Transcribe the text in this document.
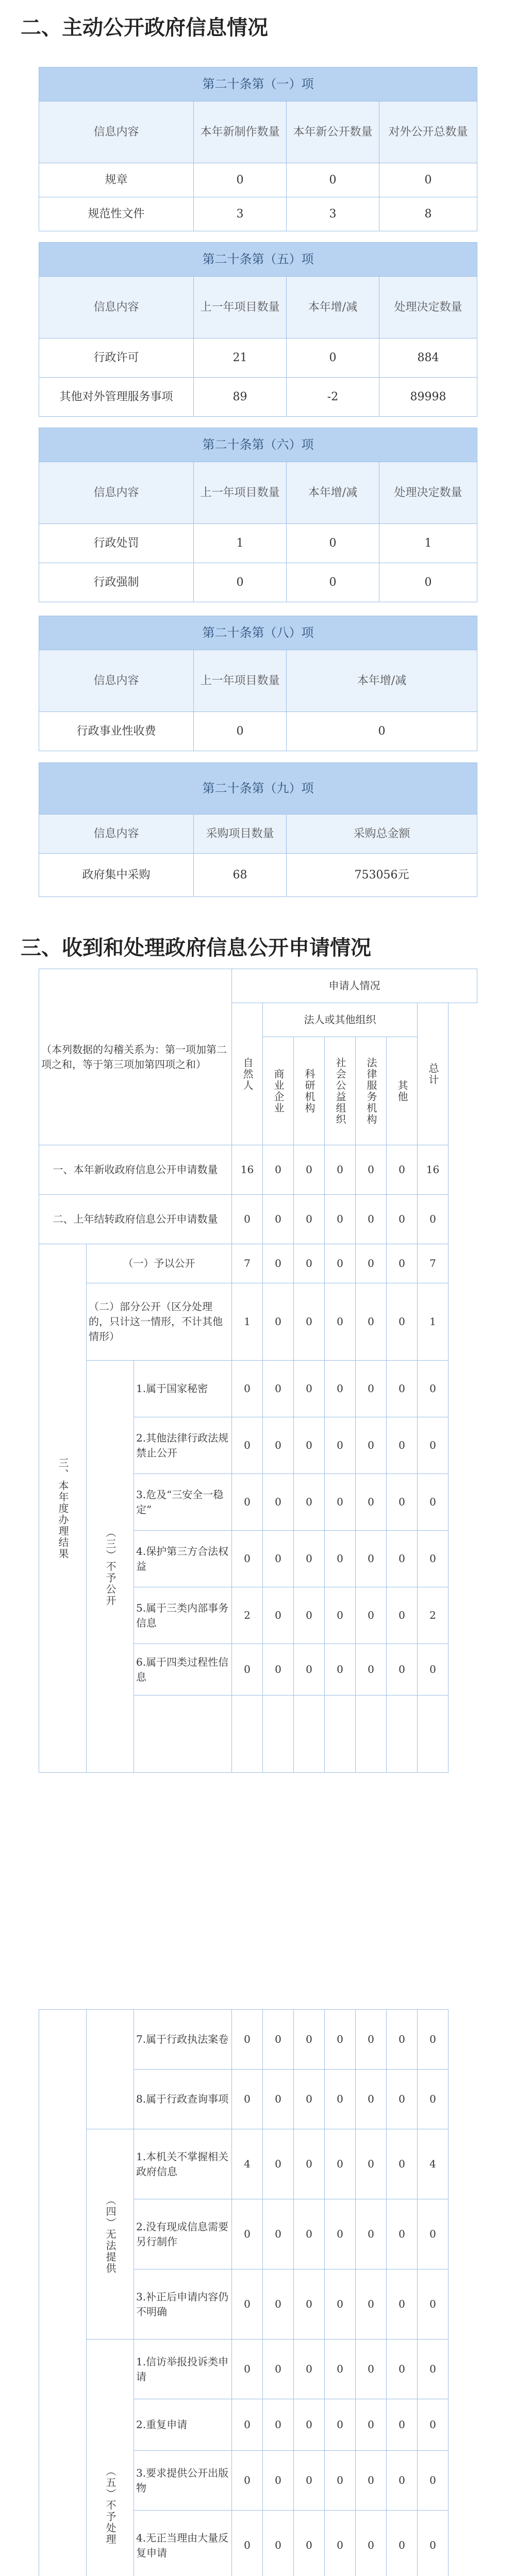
二、主动公开政府信息情况
第二十条第（一）项			
信息内容	本年新制作数量	本年新公开数量	对外公开总数量
规章	0	0	0
规范性文件	3	3	8
第二十条第（五）项			
信息内容	上一年项目数量	本年增/减	处理决定数量
行政许可	21	0	884
其他对外管理服务事项	89	-2	89998
第二十条第（六）项			
信息内容	上一年项目数量	本年增/减	处理决定数量
行政处罚	1	0	1
行政强制	0	0	0
第二十条第（八）项		
信息内容	上一年项目数量	本年增/减
行政事业性收费	0	0
第二十条第（九）项		
信息内容	采购项目数量	采购总金额
政府集中采购	68	753056元
三、收到和处理政府信息公开申请情况
（本列数据的勾稽关系为：第一项加第二项之和，等于第三项加第四项之和）			申请人情况						

			自然人	法人或其他组织					总计

				商业企业	科研机构	社会公益组织	法律服务机构	其他	

一、本年新收政府信息公开申请数量			16	0	0	0	0	0	16
二、上年结转政府信息公开申请数量			0	0	0	0	0	0	0

三、本年度办理结果	（一）予以公开		7	0	0	0	0	0	7
	（二）部分公开（区分处理的，只计这一情形，不计其他情形）		1	0	0	0	0	0	1

	（三）不予公开	1.属于国家秘密	0	0	0	0	0	0	0
		2.其他法律行政法规禁止公开	0	0	0	0	0	0	0
		3.危及“三安全一稳定”	0	0	0	0	0	0	0
		4.保护第三方合法权益	0	0	0	0	0	0	0
		5.属于三类内部事务信息	2	0	0	0	0	0	2
		6.属于四类过程性信息	0	0	0	0	0	0	0

		7.属于行政执法案卷	0	0	0	0	0	0	0
		8.属于行政查询事项	0	0	0	0	0	0	0

	（四）无法提供	1.本机关不掌握相关政府信息	4	0	0	0	0	0	4
		2.没有现成信息需要另行制作	0	0	0	0	0	0	0
		3.补正后申请内容仍不明确	0	0	0	0	0	0	0

	（五）不予处理	1.信访举报投诉类申请	0	0	0	0	0	0	0
		2.重复申请	0	0	0	0	0	0	0
		3.要求提供公开出版物	0	0	0	0	0	0	0
		4.无正当理由大量反复申请	0	0	0	0	0	0	0
